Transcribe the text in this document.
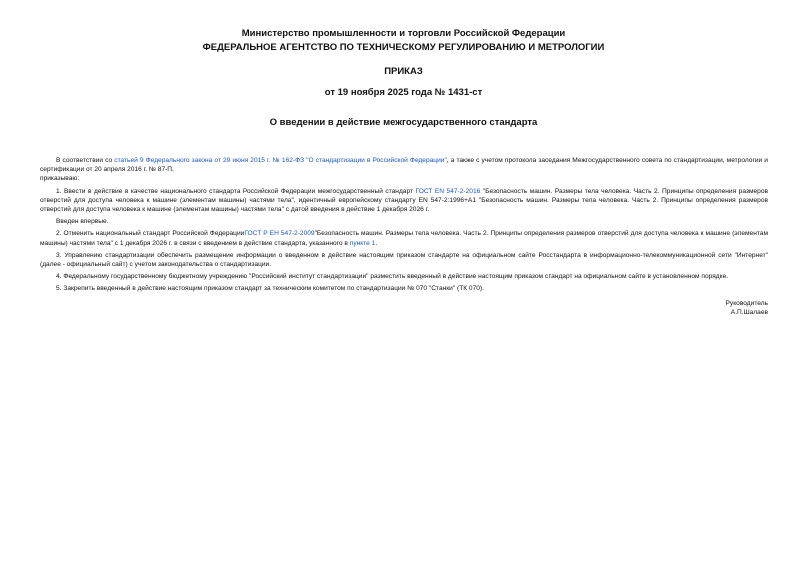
Министерство промышленности и торговли Российской Федерации
ФЕДЕРАЛЬНОЕ АГЕНТСТВО ПО ТЕХНИЧЕСКОМУ РЕГУЛИРОВАНИЮ И МЕТРОЛОГИИ
ПРИКАЗ
от 19 ноября 2025 года № 1431-ст
О введении в действие межгосударственного стандарта

В соответствии со статьей 9 Федерального закона от 29 июня 2015 г. № 162-ФЗ "О стандартизации в Российской Федерации", а также с учетом протокола заседания Межгосударственного совета по стандартизации, метрологии и сертификации от 20 апреля 2016 г. № 87-П,

приказываю:

1. Ввести в действие в качестве национального стандарта Российской Федерации межгосударственный стандарт ГОСТ EN 547-2-2016 "Безопасность машин. Размеры тела человека. Часть 2. Принципы определения размеров отверстий для доступа человека к машине (элементам машины) частями тела", идентичный европейскому стандарту EN 547-2:1996+А1 "Безопасность машин. Размеры тела человека. Часть 2. Принципы определения размеров отверстий для доступа человека к машине (элементам машины) частями тела" с датой введения в действие 1 декабря 2026 г.

Введен впервые.

2. Отменить национальный стандарт Российской ФедерацииГОСТ Р ЕН 547-2-2009"Безопасность машин. Размеры тела человека. Часть 2. Принципы определения размеров отверстий для доступа человека к машине (элементам машины) частями тела" с 1 декабря 2026 г. в связи с введением в действие стандарта, указанного в пункте 1.

3. Управлению стандартизации обеспечить размещение информации о введенном в действие настоящим приказом стандарте на официальном сайте Росстандарта в информационно-телекоммуникационной сети "Интернет" (далее - официальный сайт) с учетом законодательства о стандартизации.

4. Федеральному государственному бюджетному учреждению "Российский институт стандартизации" разместить введенный в действие настоящим приказом стандарт на официальном сайте в установленном порядке.

5. Закрепить введенный в действие настоящим приказом стандарт за техническим комитетом по стандартизации № 070 "Станки" (ТК 070).

Руководитель
А.П.Шалаев
